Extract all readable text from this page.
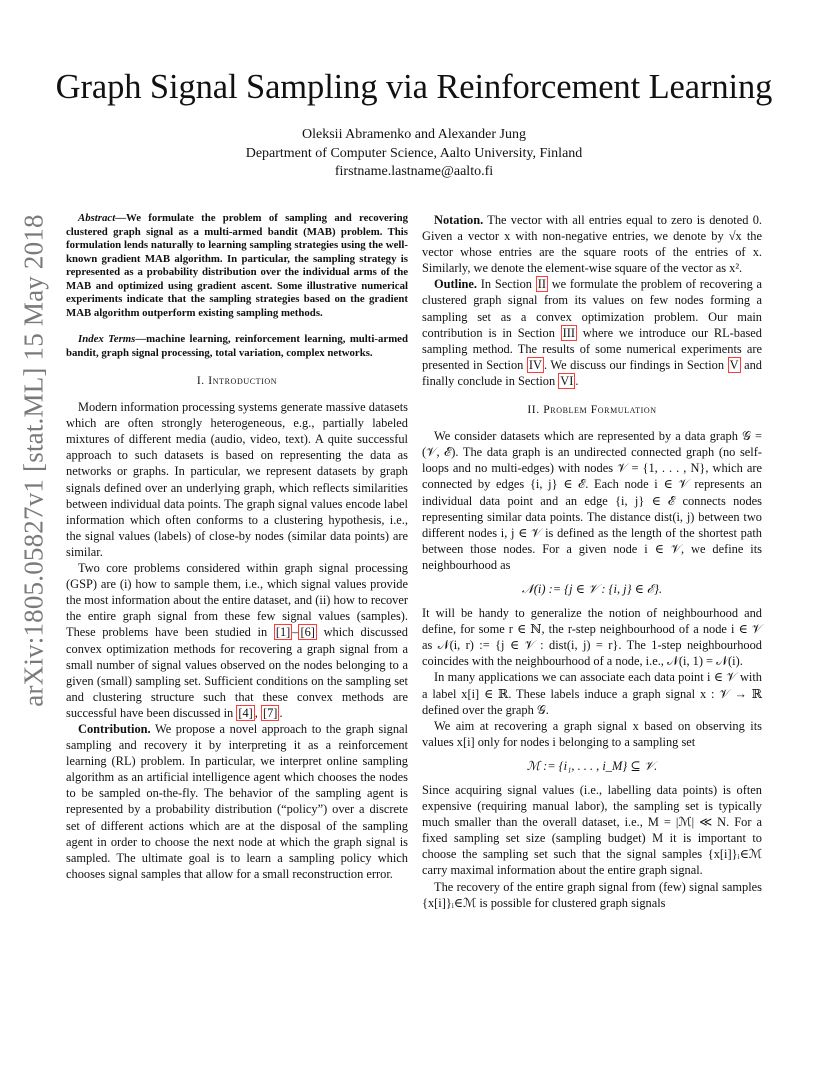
arXiv:1805.05827v1 [stat.ML] 15 May 2018
Graph Signal Sampling via Reinforcement Learning
Oleksii Abramenko and Alexander Jung
Department of Computer Science, Aalto University, Finland
firstname.lastname@aalto.fi

Abstract—We formulate the problem of sampling and recovering clustered graph signal as a multi-armed bandit (MAB) problem. This formulation lends naturally to learning sampling strategies using the well-known gradient MAB algorithm. In particular, the sampling strategy is represented as a probability distribution over the individual arms of the MAB and optimized using gradient ascent. Some illustrative numerical experiments indicate that the sampling strategies based on the gradient MAB algorithm outperform existing sampling methods.

Index Terms—machine learning, reinforcement learning, multi-armed bandit, graph signal processing, total variation, complex networks.

I. Introduction

Modern information processing systems generate massive datasets which are often strongly heterogeneous, e.g., partially labeled mixtures of different media (audio, video, text). A quite successful approach to such datasets is based on representing the data as networks or graphs. In particular, we represent datasets by graph signals defined over an underlying graph, which reflects similarities between individual data points. The graph signal values encode label information which often conforms to a clustering hypothesis, i.e., the signal values (labels) of close-by nodes (similar data points) are similar.

Two core problems considered within graph signal processing (GSP) are (i) how to sample them, i.e., which signal values provide the most information about the entire dataset, and (ii) how to recover the entire graph signal from these few signal values (samples). These problems have been studied in [1] – [6] which discussed convex optimization methods for recovering a graph signal from a small number of signal values observed on the nodes belonging to a given (small) sampling set. Sufficient conditions on the sampling set and clustering structure such that these convex methods are successful have been discussed in [4] , [7] .

Contribution. We propose a novel approach to the graph signal sampling and recovery it by interpreting it as a reinforcement learning (RL) problem. In particular, we interpret online sampling algorithm as an artificial intelligence agent which chooses the nodes to be sampled on-the-fly. The behavior of the sampling agent is represented by a probability distribution (“policy”) over a discrete set of different actions which are at the disposal of the sampling agent in order to choose the next node at which the graph signal is sampled. The ultimate goal is to learn a sampling policy which chooses signal samples that allow for a small reconstruction error.

Notation. The vector with all entries equal to zero is denoted 0. Given a vector x with non-negative entries, we denote by √x the vector whose entries are the square roots of the entries of x. Similarly, we denote the element-wise square of the vector as x².

Outline. In Section II we formulate the problem of recovering a clustered graph signal from its values on few nodes forming a sampling set as a convex optimization problem. Our main contribution is in Section III where we introduce our RL-based sampling method. The results of some numerical experiments are presented in Section IV . We discuss our findings in Section V and finally conclude in Section VI .

II. Problem Formulation

We consider datasets which are represented by a data graph 𝒢 = (𝒱, ℰ). The data graph is an undirected connected graph (no self-loops and no multi-edges) with nodes 𝒱 = {1, . . . , N}, which are connected by edges {i, j} ∈ ℰ. Each node i ∈ 𝒱 represents an individual data point and an edge {i, j} ∈ ℰ connects nodes representing similar data points. The distance dist(i, j) between two different nodes i, j ∈ 𝒱 is defined as the length of the shortest path between those nodes. For a given node i ∈ 𝒱, we define its neighbourhood as

𝒩(i) := {j ∈ 𝒱 : {i, j} ∈ ℰ}.

It will be handy to generalize the notion of neighbourhood and define, for some r ∈ ℕ, the r-step neighbourhood of a node i ∈ 𝒱 as 𝒩(i, r) := {j ∈ 𝒱 : dist(i, j) = r}. The 1-step neighbourhood coincides with the neighbourhood of a node, i.e., 𝒩(i, 1) = 𝒩(i).

In many applications we can associate each data point i ∈ 𝒱 with a label x[i] ∈ ℝ. These labels induce a graph signal x : 𝒱 → ℝ defined over the graph 𝒢.

We aim at recovering a graph signal x based on observing its values x[i] only for nodes i belonging to a sampling set

ℳ := {i₁, . . . , i_M} ⊆ 𝒱.

Since acquiring signal values (i.e., labelling data points) is often expensive (requiring manual labor), the sampling set is typically much smaller than the overall dataset, i.e., M = |ℳ| ≪ N. For a fixed sampling set size (sampling budget) M it is important to choose the sampling set such that the signal samples {x[i]}ᵢ∈ℳ carry maximal information about the entire graph signal.

The recovery of the entire graph signal from (few) signal samples {x[i]}ᵢ∈ℳ is possible for clustered graph signals
